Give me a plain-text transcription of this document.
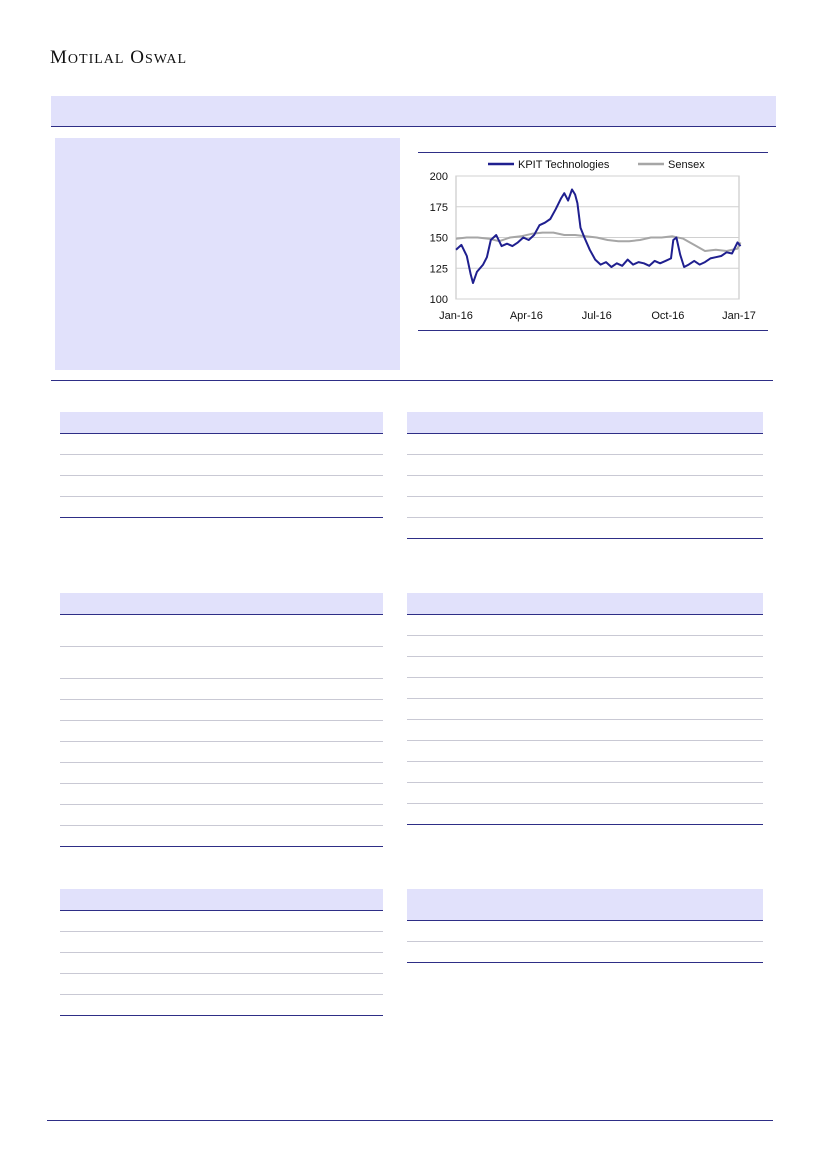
MOTILAL OSWAL
100
125
150
175
200
Jan-16	Apr-16	Jul-16	Oct-16	Jan-17
KPIT Technologies	Sensex
